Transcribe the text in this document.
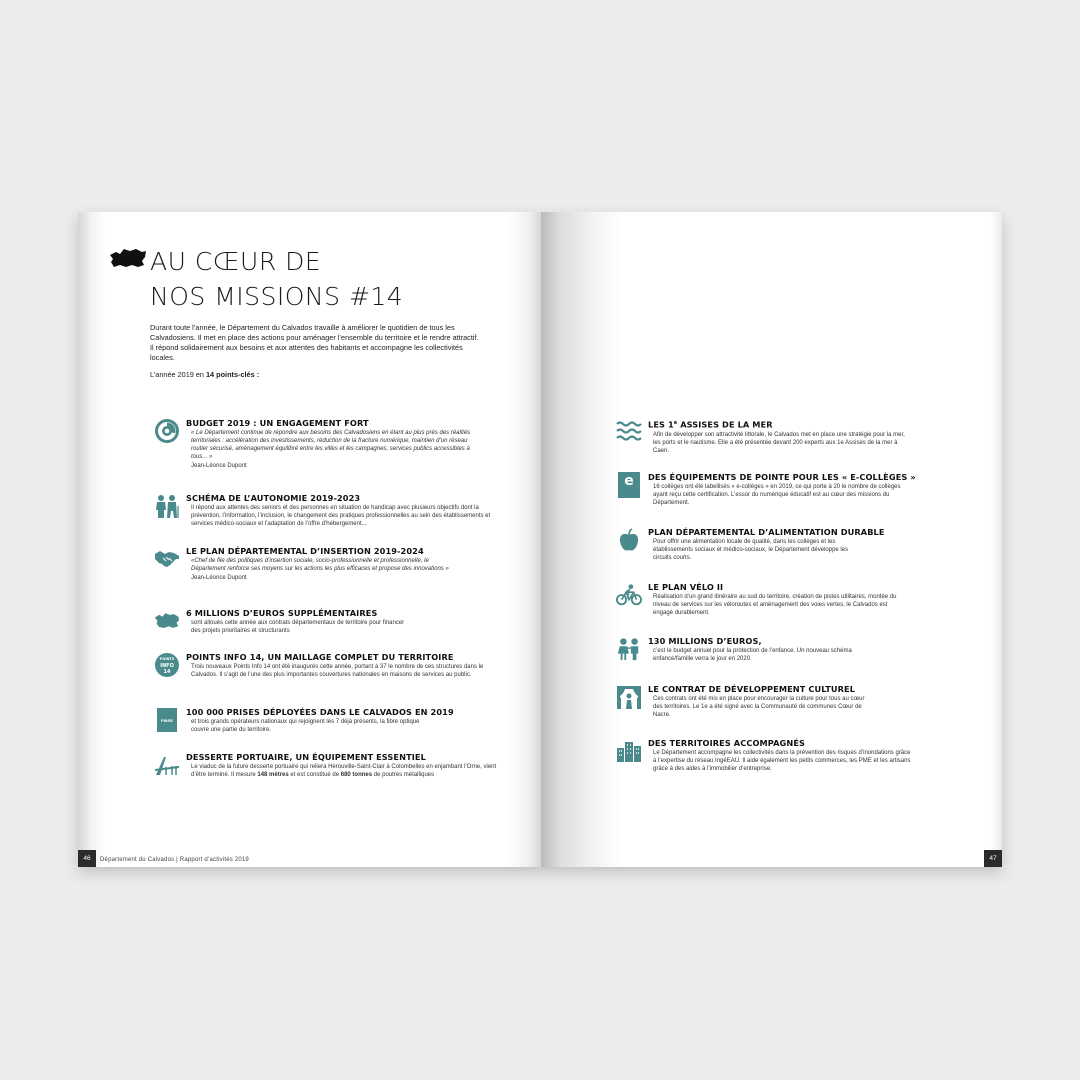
AU CŒUR DE
NOS MISSIONS #14
Durant toute l’année, le Département du Calvados travaille à améliorer le quotidien de tous les Calvadosiens. Il met en place des actions pour aménager l’ensemble du territoire et le rendre attractif. Il répond solidairement aux besoins et aux attentes des habitants et accompagne les collectivités locales.
L’année 2019 en 14 points-clés :
BUDGET 2019 : UN ENGAGEMENT FORT

« Le Département continue de répondre aux besoins des Calvadosiens en étant au plus près des réalités territoriales : accélération des investissements, réduction de la fracture numérique, maintien d’un réseau routier sécurisé, aménagement équilibré entre les villes et les campagnes, services publics accessibles à tous... »

Jean-Léonce Dupont
SCHÉMA DE L’AUTONOMIE 2019-2023

Il répond aux attentes des seniors et des personnes en situation de handicap avec plusieurs objectifs dont la prévention, l’information, l’inclusion, le changement des pratiques professionnelles au sein des établissements et services médico-sociaux et l’adaptation de l’offre d’hébergement...

LE PLAN DÉPARTEMENTAL D’INSERTION 2019-2024

«Chef de file des politiques d’insertion sociale, socio-professionnelle et professionnelle, le Département renforce ses moyens sur les actions les plus efficaces et propose des innovations »

Jean-Léonce Dupont
6 MILLIONS D’EUROS SUPPLÉMENTAIRES

sont alloués cette année aux contrats départementaux de territoire pour financer des projets prioritaires et structurants

POINTS
INFO
14
POINTS INFO 14, UN MAILLAGE COMPLET DU TERRITOIRE

Trois nouveaux Points Info 14 ont été inaugurés cette année, portant à 37 le nombre de ces structures dans le Calvados. Il s’agit de l’une des plus importantes couvertures nationales en maisons de services au public.

FIBRE
100 000 PRISES DÉPLOYÉES DANS LE CALVADOS EN 2019

et trois grands opérateurs nationaux qui rejoignent les 7 déjà présents, la fibre optique couvre une partie du territoire.

DESSERTE PORTUAIRE, UN ÉQUIPEMENT ESSENTIEL

Le viaduc de la future desserte portuaire qui reliera Hérouville-Saint-Clair à Colombelles en enjambant l’Orne, vient d’être terminé. Il mesure 148 mètres et est constitué de 680 tonnes de poutres métalliques

46	Département du Calvados | Rapport d’activités 2019
LES 1e ASSISES DE LA MER

Afin de développer son attractivité littorale, le Calvados met en place une stratégie pour la mer, les ports et le nautisme. Elle a été présentée devant 200 experts aux 1e Assises de la mer à Caen.

e	DES ÉQUIPEMENTS DE POINTE POUR LES « E-COLLÈGES »

16 collèges ont été labellisés « e-collèges » en 2019, ce qui porte à 20 le nombre de collèges ayant reçu cette certification. L’essor du numérique éducatif est au cœur des missions du Département.

PLAN DÉPARTEMENTAL D’ALIMENTATION DURABLE

Pour offrir une alimentation locale de qualité, dans les collèges et les établissements sociaux et médico-sociaux, le Département développe les circuits courts.

LE PLAN VÉLO II

Réalisation d’un grand itinéraire au sud du territoire, création de pistes utilitaires, montée du niveau de services sur les véloroutes et aménagement des voies vertes, le Calvados est engagé durablement.

130 MILLIONS D’EUROS,

c’est le budget annuel pour la protection de l’enfance. Un nouveau schéma enfance/famille verra le jour en 2020.

LE CONTRAT DE DÉVELOPPEMENT CULTUREL

Ces contrats ont été mis en place pour encourager la culture pour tous au cœur des territoires. Le 1e a été signé avec la Communauté de communes Cœur de Nacre.

DES TERRITOIRES ACCOMPAGNÉS

Le Département accompagne les collectivités dans la prévention des risques d’inondations grâce à l’expertise du réseau IngéEAU. Il aide également les petits commerces, les PME et les artisans grâce à des aides à l’immobilier d’entreprise.

47
